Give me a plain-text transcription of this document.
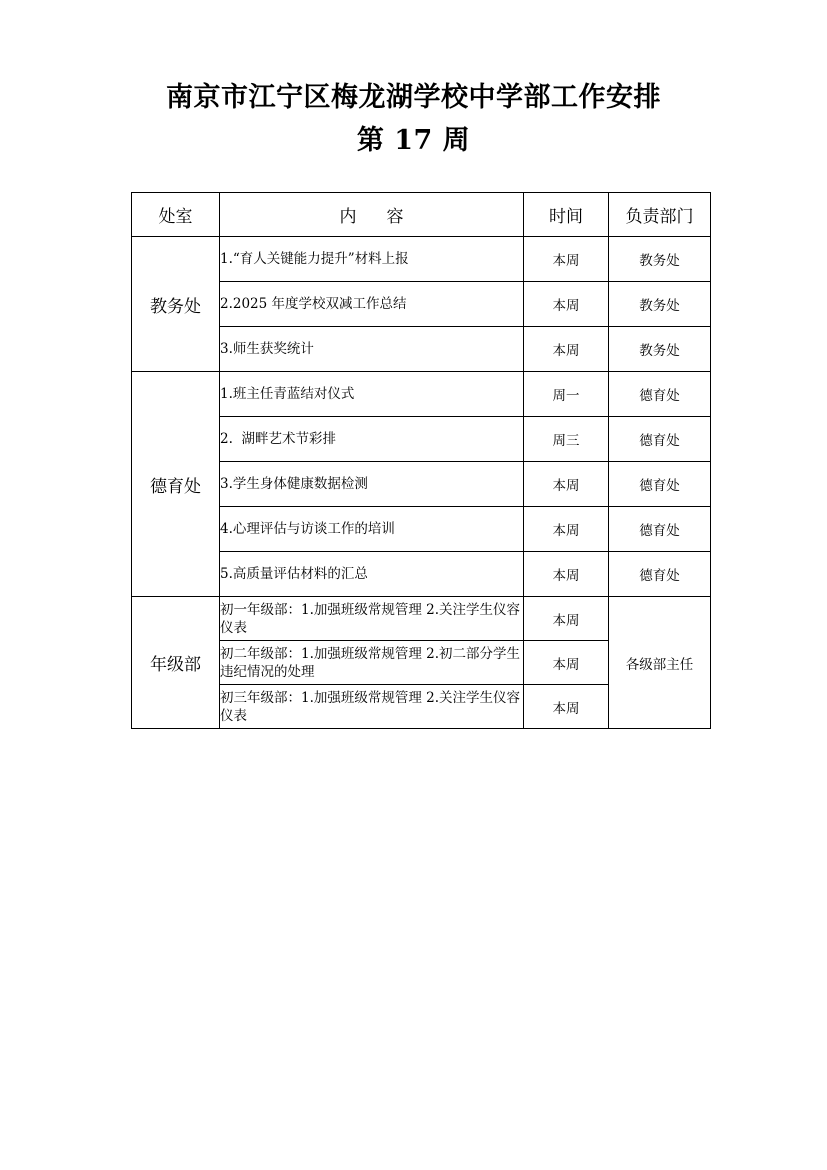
南京市江宁区梅龙湖学校中学部工作安排
第 17 周
处室	内 容	时间	负责部门
教务处	1.“育人关键能力提升”材料上报	本周	教务处
	2.2025 年度学校双减工作总结	本周	教务处
	3.师生获奖统计	本周	教务处
德育处	1.班主任青蓝结对仪式	周一	德育处
	2.  湖畔艺术节彩排	周三	德育处
	3.学生身体健康数据检测	本周	德育处
	4.心理评估与访谈工作的培训	本周	德育处
	5.高质量评估材料的汇总	本周	德育处
年级部	初一年级部：1.加强班级常规管理 2.关注学生仪容仪表	本周	各级部主任
	初二年级部：1.加强班级常规管理 2.初二部分学生违纪情况的处理	本周	
	初三年级部：1.加强班级常规管理 2.关注学生仪容仪表	本周	
